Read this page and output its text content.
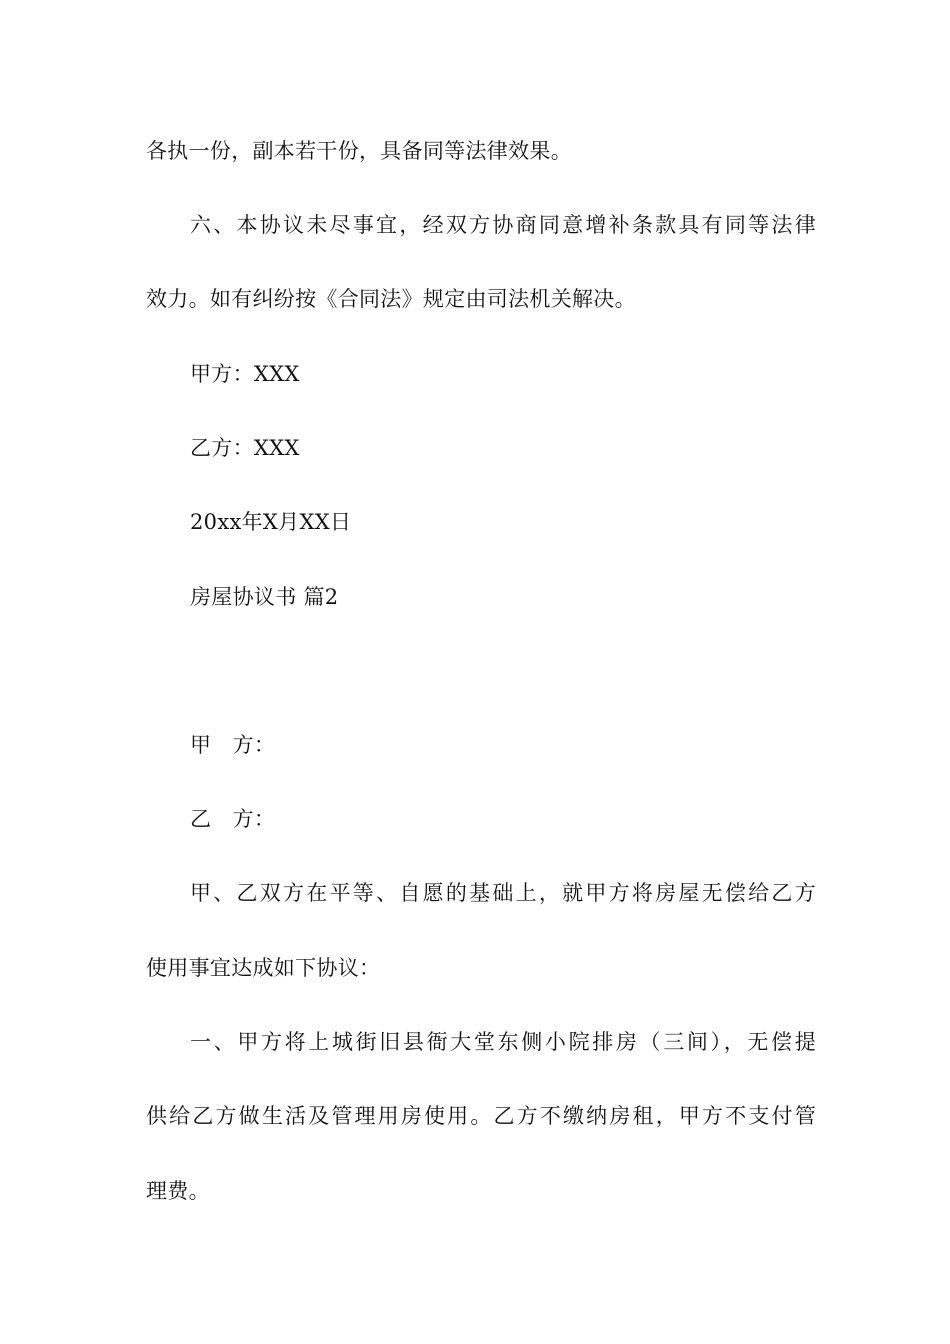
各执一份，副本若干份，具备同等法律效果。
六、本协议未尽事宜，经双方协商同意增补条款具有同等法律
效力。如有纠纷按《合同法》规定由司法机关解决。
甲方：XXX
乙方：XXX
20xx年X月XX日
房屋协议书 篇2
甲　方：
乙　方：
甲、乙双方在平等、自愿的基础上，就甲方将房屋无偿给乙方
使用事宜达成如下协议：
一、甲方将上城街旧县衙大堂东侧小院排房（三间），无偿提
供给乙方做生活及管理用房使用。乙方不缴纳房租，甲方不支付管
理费。
